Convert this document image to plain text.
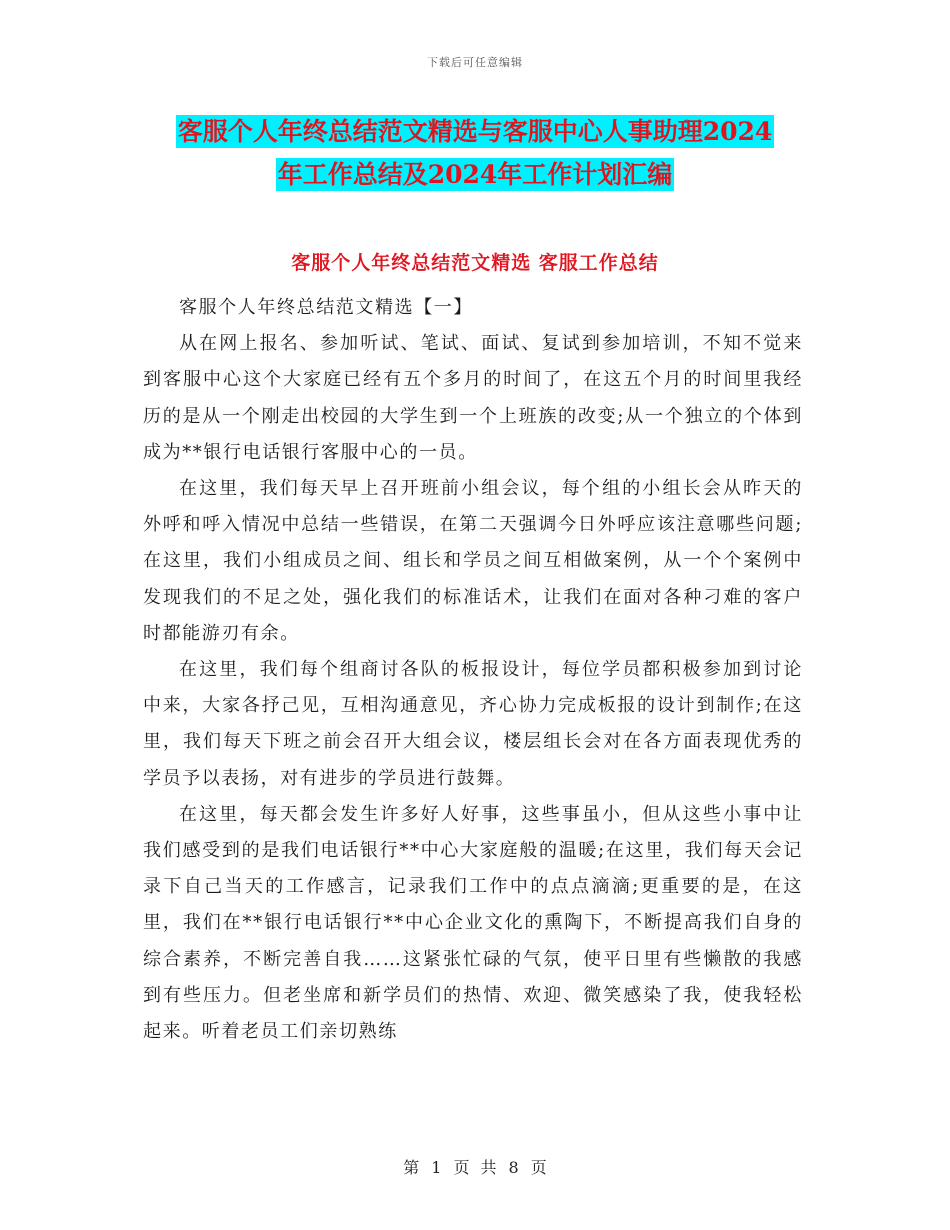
下载后可任意编辑
客服个人年终总结范文精选与客服中心人事助理2024
年工作总结及2024年工作计划汇编
客服个人年终总结范文精选 客服工作总结

客服个人年终总结范文精选【一】

从在网上报名、参加听试、笔试、面试、复试到参加培训，不知不觉来到客服中心这个大家庭已经有五个多月的时间了，在这五个月的时间里我经历的是从一个刚走出校园的大学生到一个上班族的改变;从一个独立的个体到成为**银行电话银行客服中心的一员。

在这里，我们每天早上召开班前小组会议，每个组的小组长会从昨天的外呼和呼入情况中总结一些错误，在第二天强调今日外呼应该注意哪些问题;在这里，我们小组成员之间、组长和学员之间互相做案例，从一个个案例中发现我们的不足之处，强化我们的标准话术，让我们在面对各种刁难的客户时都能游刃有余。

在这里，我们每个组商讨各队的板报设计，每位学员都积极参加到讨论中来，大家各抒己见，互相沟通意见，齐心协力完成板报的设计到制作;在这里，我们每天下班之前会召开大组会议，楼层组长会对在各方面表现优秀的学员予以表扬，对有进步的学员进行鼓舞。

在这里，每天都会发生许多好人好事，这些事虽小，但从这些小事中让我们感受到的是我们电话银行**中心大家庭般的温暖;在这里，我们每天会记录下自己当天的工作感言，记录我们工作中的点点滴滴;更重要的是，在这里，我们在**银行电话银行**中心企业文化的熏陶下，不断提高我们自身的综合素养，不断完善自我……这紧张忙碌的气氛，使平日里有些懒散的我感到有些压力。但老坐席和新学员们的热情、欢迎、微笑感染了我，使我轻松起来。听着老员工们亲切熟练

第 1 页 共 8 页
